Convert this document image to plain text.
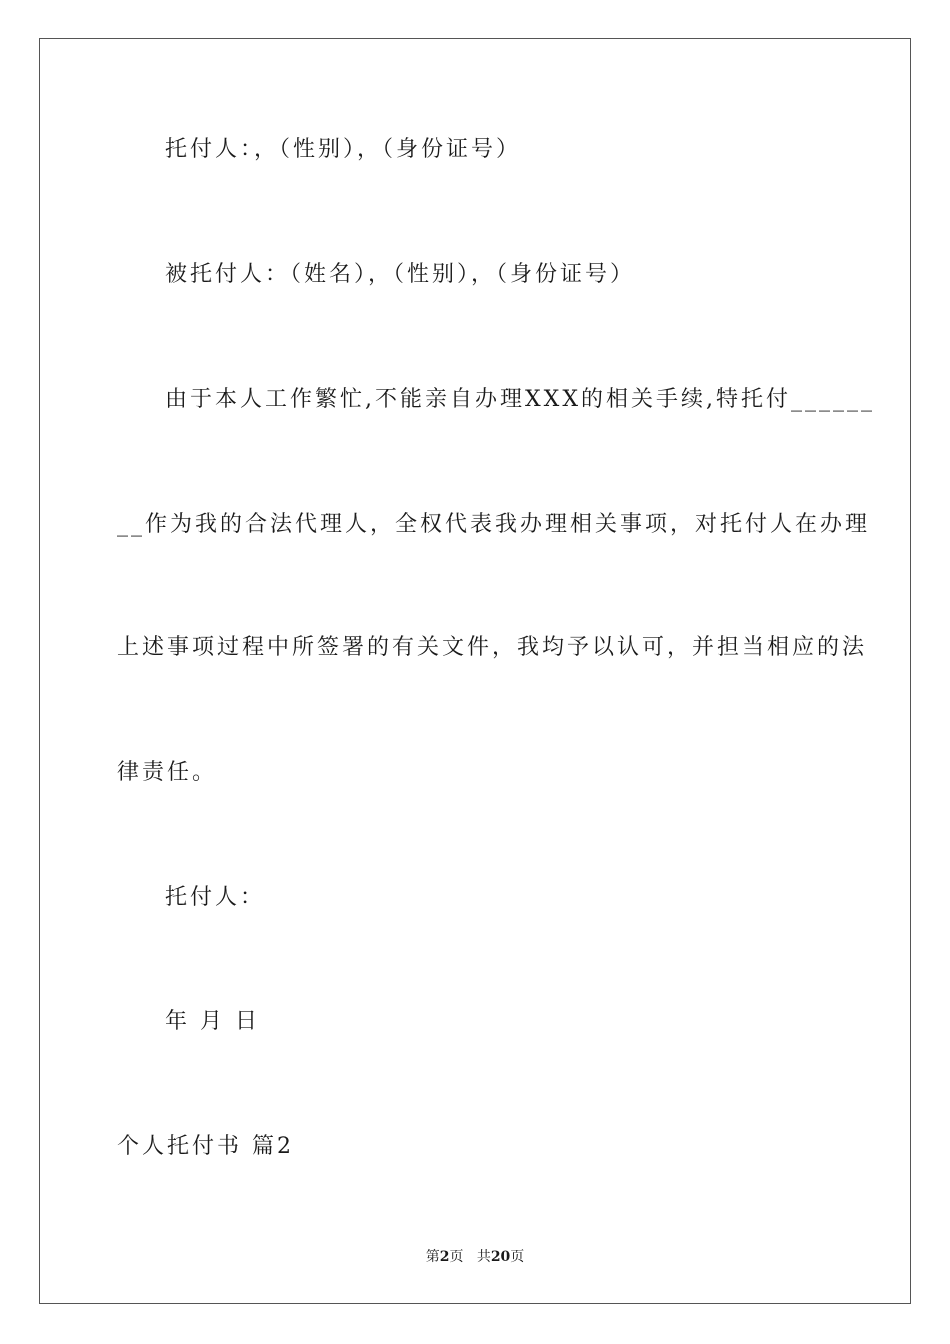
托付人：，（性别），（身份证号）
被托付人：（姓名），（性别），（身份证号）
由于本人工作繁忙,不能亲自办理XXX的相关手续,特托付______
__作为我的合法代理人，全权代表我办理相关事项，对托付人在办理
上述事项过程中所签署的有关文件，我均予以认可，并担当相应的法
律责任。
托付人：
年 月 日
个人托付书 篇2
第2页 共20页
